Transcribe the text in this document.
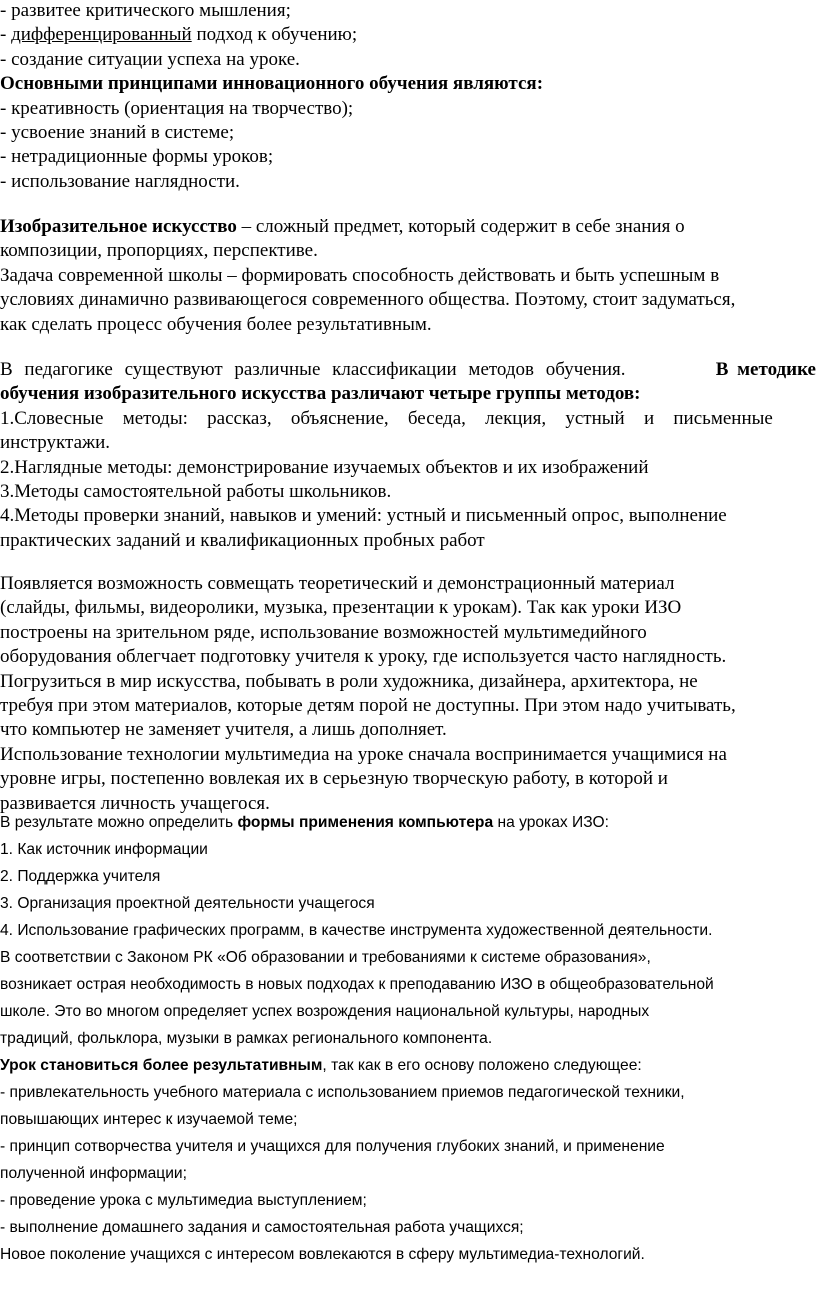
- развитее критического мышления;

- дифференцированный подход к обучению;

- создание ситуации успеха на уроке.

Основными принципами инновационного обучения являются:

- креативность (ориентация на творчество);

- усвоение знаний в системе;

- нетрадиционные формы уроков;

- использование наглядности.

Изобразительное искусство – сложный предмет, который содержит в себе знания о

композиции, пропорциях, перспективе.

Задача современной школы – формировать способность действовать и быть успешным в

условиях динамично развивающегося современного общества. Поэтому, стоит задуматься,

как сделать процесс обучения более результативным.

В педагогике существуют различные классификации методов обучения.	В методике

обучения изобразительного искусства различают четыре группы методов:

1.Словесные методы: рассказ, объяснение, беседа, лекция, устный и письменные

инструктажи.

2.Наглядные методы: демонстрирование изучаемых объектов и их изображений

3.Методы самостоятельной работы школьников.

4.Методы проверки знаний, навыков и умений: устный и письменный опрос, выполнение

практических заданий и квалификационных пробных работ

Появляется возможность совмещать теоретический и демонстрационный материал

(слайды, фильмы, видеоролики, музыка, презентации к урокам). Так как уроки ИЗО

построены на зрительном ряде, использование возможностей мультимедийного

оборудования облегчает подготовку учителя к уроку, где используется часто наглядность.

Погрузиться в мир искусства, побывать в роли художника, дизайнера, архитектора, не

требуя при этом материалов, которые детям порой не доступны. При этом надо учитывать,

что компьютер не заменяет учителя, а лишь дополняет.

Использование технологии мультимедиа на уроке сначала воспринимается учащимися на

уровне игры, постепенно вовлекая их в серьезную творческую работу, в которой и

развивается личность учащегося.

В результате можно определить формы применения компьютера на уроках ИЗО:

1. Как источник информации

2. Поддержка учителя

3. Организация проектной деятельности учащегося

4. Использование графических программ, в качестве инструмента художественной деятельности.

В соответствии с Законом РК «Об образовании и требованиями к системе образования»,

возникает острая необходимость в новых подходах к преподаванию ИЗО в общеобразовательной

школе. Это во многом определяет успех возрождения национальной культуры, народных

традиций, фольклора, музыки в рамках регионального компонента.

Урок становиться более результативным, так как в его основу положено следующее:

- привлекательность учебного материала с использованием приемов педагогической техники,

повышающих интерес к изучаемой теме;

- принцип сотворчества учителя и учащихся для получения глубоких знаний, и применение

полученной информации;

- проведение урока с мультимедиа выступлением;

- выполнение домашнего задания и самостоятельная работа учащихся;

Новое поколение учащихся с интересом вовлекаются в сферу мультимедиа-технологий.
